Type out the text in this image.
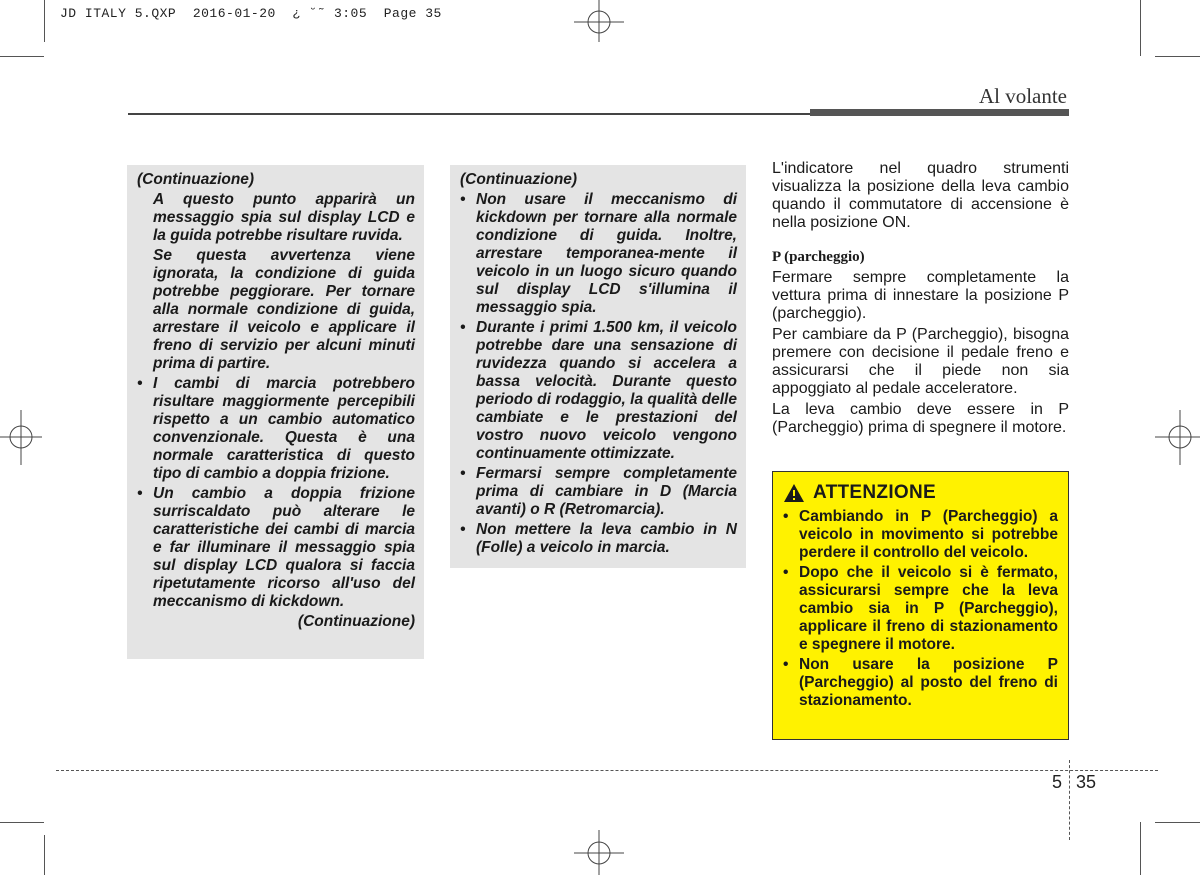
JD ITALY 5.QXP  2016-01-20  ¿ ˘˜ 3:05  Page 35
Al volante
(Continuazione)

A questo punto apparirà un messaggio spia sul display LCD e la guida potrebbe risultare ruvida.

Se questa avvertenza viene ignorata, la condizione di guida potrebbe peggiorare. Per tornare alla normale condizione di guida, arrestare il veicolo e applicare il freno di servizio per alcuni minuti prima di partire.

• I cambi di marcia potrebbero risultare maggiormente percepibili rispetto a un cambio automatico convenzionale. Questa è una normale caratteristica di questo tipo di cambio a doppia frizione.
• Un cambio a doppia frizione surriscaldato può alterare le caratteristiche dei cambi di marcia e far illuminare il messaggio spia sul display LCD qualora si faccia ripetutamente ricorso all'uso del meccanismo di kickdown.
(Continuazione)
(Continuazione)
• Non usare il meccanismo di kickdown per tornare alla normale condizione di guida. Inoltre, arrestare temporanea-mente il veicolo in un luogo sicuro quando sul display LCD s'illumina il messaggio spia.
• Durante i primi 1.500 km, il veicolo potrebbe dare una sensazione di ruvidezza quando si accelera a bassa velocità. Durante questo periodo di rodaggio, la qualità delle cambiate e le prestazioni del vostro nuovo veicolo vengono continuamente ottimizzate.
• Fermarsi sempre completamente prima di cambiare in D (Marcia avanti) o R (Retromarcia).
• Non mettere la leva cambio in N (Folle) a veicolo in marcia.

L'indicatore nel quadro strumenti visualizza la posizione della leva cambio quando il commutatore di accensione è nella posizione ON.

P (parcheggio)

Fermare sempre completamente la vettura prima di innestare la posizione P (parcheggio).

Per cambiare da P (Parcheggio), bisogna premere con decisione il pedale freno e assicurarsi che il piede non sia appoggiato al pedale acceleratore.

La leva cambio deve essere in P (Parcheggio) prima di spegnere il motore.

ATTENZIONE
• Cambiando in P (Parcheggio) a veicolo in movimento si potrebbe perdere il controllo del veicolo.
• Dopo che il veicolo si è fermato, assicurarsi sempre che la leva cambio sia in P (Parcheggio), applicare il freno di stazionamento e spegnere il motore.
• Non usare la posizione P (Parcheggio) al posto del freno di stazionamento.
5 35
